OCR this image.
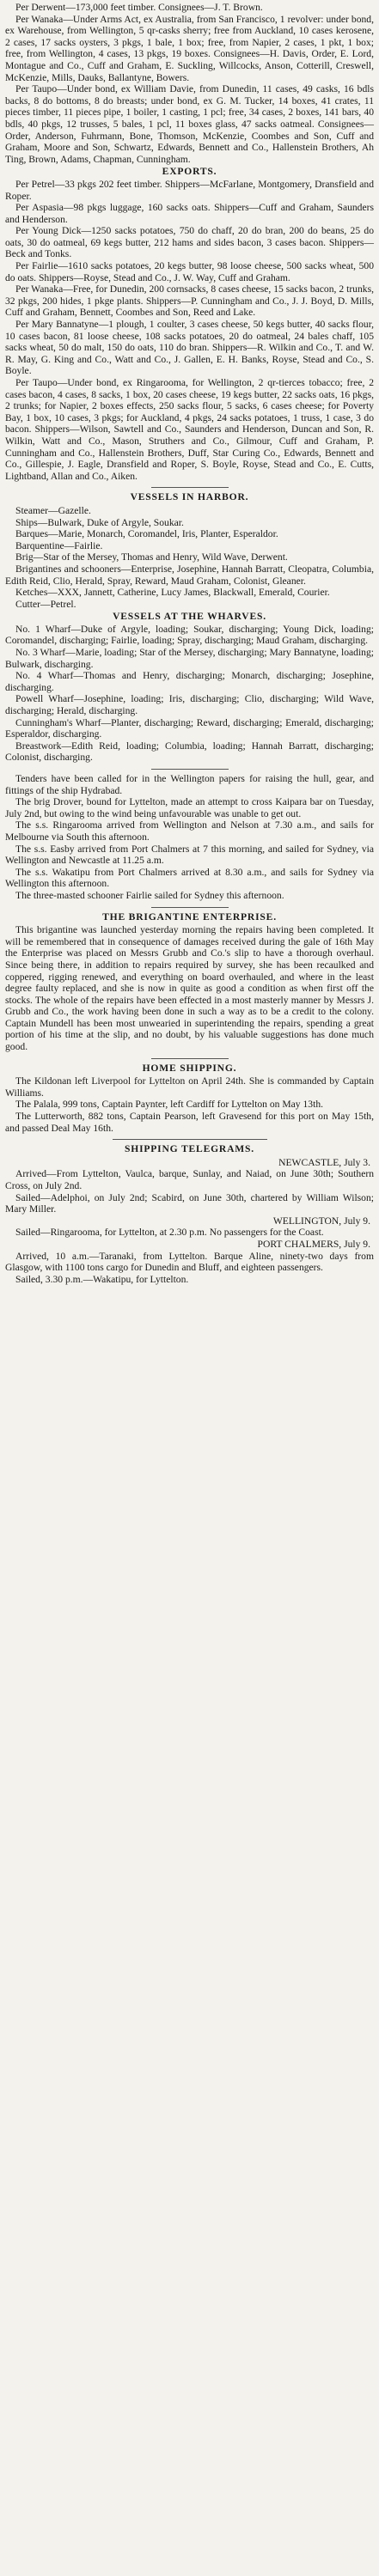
Per Derwent—173,000 feet timber. Consignees—J. T. Brown.

Per Wanaka—Under Arms Act, ex Australia, from San Francisco, 1 revolver: under bond, ex Warehouse, from Wellington, 5 qr-casks sherry; free from Auckland, 10 cases kerosene, 2 cases, 17 sacks oysters, 3 pkgs, 1 bale, 1 box; free, from Napier, 2 cases, 1 pkt, 1 box; free, from Wellington, 4 cases, 13 pkgs, 19 boxes. Consignees—H. Davis, Order, E. Lord, Montague and Co., Cuff and Graham, E. Suckling, Willcocks, Anson, Cotterill, Creswell, McKenzie, Mills, Dauks, Ballantyne, Bowers.

Per Taupo—Under bond, ex William Davie, from Dunedin, 11 cases, 49 casks, 16 bdls backs, 8 do bottoms, 8 do breasts; under bond, ex G. M. Tucker, 14 boxes, 41 crates, 11 pieces timber, 11 pieces pipe, 1 boiler, 1 casting, 1 pcl; free, 34 cases, 2 boxes, 141 bars, 40 bdls, 40 pkgs, 12 trusses, 5 bales, 1 pcl, 11 boxes glass, 47 sacks oatmeal. Consignees—Order, Anderson, Fuhrmann, Bone, Thomson, McKenzie, Coombes and Son, Cuff and Graham, Moore and Son, Schwartz, Edwards, Bennett and Co., Hallenstein Brothers, Ah Ting, Brown, Adams, Chapman, Cunningham.

EXPORTS.

Per Petrel—33 pkgs 202 feet timber. Shippers—McFarlane, Montgomery, Dransfield and Roper.

Per Aspasia—98 pkgs luggage, 160 sacks oats. Shippers—Cuff and Graham, Saunders and Henderson.

Per Young Dick—1250 sacks potatoes, 750 do chaff, 20 do bran, 200 do beans, 25 do oats, 30 do oatmeal, 69 kegs butter, 212 hams and sides bacon, 3 cases bacon. Shippers—Beck and Tonks.

Per Fairlie—1610 sacks potatoes, 20 kegs butter, 98 loose cheese, 500 sacks wheat, 500 do oats. Shippers—Royse, Stead and Co., J. W. Way, Cuff and Graham.

Per Wanaka—Free, for Dunedin, 200 cornsacks, 8 cases cheese, 15 sacks bacon, 2 trunks, 32 pkgs, 200 hides, 1 pkge plants. Shippers—P. Cunningham and Co., J. J. Boyd, D. Mills, Cuff and Graham, Bennett, Coombes and Son, Reed and Lake.

Per Mary Bannatyne—1 plough, 1 coulter, 3 cases cheese, 50 kegs butter, 40 sacks flour, 10 cases bacon, 81 loose cheese, 108 sacks potatoes, 20 do oatmeal, 24 bales chaff, 105 sacks wheat, 50 do malt, 150 do oats, 110 do bran. Shippers—R. Wilkin and Co., T. and W. R. May, G. King and Co., Watt and Co., J. Gallen, E. H. Banks, Royse, Stead and Co., S. Boyle.

Per Taupo—Under bond, ex Ringarooma, for Wellington, 2 qr-tierces tobacco; free, 2 cases bacon, 4 cases, 8 sacks, 1 box, 20 cases cheese, 19 kegs butter, 22 sacks oats, 16 pkgs, 2 trunks; for Napier, 2 boxes effects, 250 sacks flour, 5 sacks, 6 cases cheese; for Poverty Bay, 1 box, 10 cases, 3 pkgs; for Auckland, 4 pkgs, 24 sacks potatoes, 1 truss, 1 case, 3 do bacon. Shippers—Wilson, Sawtell and Co., Saunders and Henderson, Duncan and Son, R. Wilkin, Watt and Co., Mason, Struthers and Co., Gilmour, Cuff and Graham, P. Cunningham and Co., Hallenstein Brothers, Duff, Star Curing Co., Edwards, Bennett and Co., Gillespie, J. Eagle, Dransfield and Roper, S. Boyle, Royse, Stead and Co., E. Cutts, Lightband, Allan and Co., Aiken.

VESSELS IN HARBOR.

Steamer—Gazelle.

Ships—Bulwark, Duke of Argyle, Soukar.

Barques—Marie, Monarch, Coromandel, Iris, Planter, Esperaldor.

Barquentine—Fairlie.

Brig—Star of the Mersey, Thomas and Henry, Wild Wave, Derwent.

Brigantines and schooners—Enterprise, Josephine, Hannah Barratt, Cleopatra, Columbia, Edith Reid, Clio, Herald, Spray, Reward, Maud Graham, Colonist, Gleaner.

Ketches—XXX, Jannett, Catherine, Lucy James, Blackwall, Emerald, Courier.

Cutter—Petrel.

VESSELS AT THE WHARVES.

No. 1 Wharf—Duke of Argyle, loading; Soukar, discharging; Young Dick, loading; Coromandel, discharging; Fairlie, loading; Spray, discharging; Maud Graham, discharging.

No. 3 Wharf—Marie, loading; Star of the Mersey, discharging; Mary Bannatyne, loading; Bulwark, discharging.

No. 4 Wharf—Thomas and Henry, discharging; Monarch, discharging; Josephine, discharging.

Powell Wharf—Josephine, loading; Iris, discharging; Clio, discharging; Wild Wave, discharging; Herald, discharging.

Cunningham's Wharf—Planter, discharging; Reward, discharging; Emerald, discharging; Esperaldor, discharging.

Breastwork—Edith Reid, loading; Columbia, loading; Hannah Barratt, discharging; Colonist, discharging.

Tenders have been called for in the Wellington papers for raising the hull, gear, and fittings of the ship Hydrabad.

The brig Drover, bound for Lyttelton, made an attempt to cross Kaipara bar on Tuesday, July 2nd, but owing to the wind being unfavourable was unable to get out.

The s.s. Ringarooma arrived from Wellington and Nelson at 7.30 a.m., and sails for Melbourne via South this afternoon.

The s.s. Easby arrived from Port Chalmers at 7 this morning, and sailed for Sydney, via Wellington and Newcastle at 11.25 a.m.

The s.s. Wakatipu from Port Chalmers arrived at 8.30 a.m., and sails for Sydney via Wellington this afternoon.

The three-masted schooner Fairlie sailed for Sydney this afternoon.

THE BRIGANTINE ENTERPRISE.

This brigantine was launched yesterday morning the repairs having been completed. It will be remembered that in consequence of damages received during the gale of 16th May the Enterprise was placed on Messrs Grubb and Co.'s slip to have a thorough overhaul. Since being there, in addition to repairs required by survey, she has been recaulked and coppered, rigging renewed, and everything on board overhauled, and where in the least degree faulty replaced, and she is now in quite as good a condition as when first off the stocks. The whole of the repairs have been effected in a most masterly manner by Messrs J. Grubb and Co., the work having been done in such a way as to be a credit to the colony. Captain Mundell has been most unwearied in superintending the repairs, spending a great portion of his time at the slip, and no doubt, by his valuable suggestions has done much good.

HOME SHIPPING.

The Kildonan left Liverpool for Lyttelton on April 24th. She is commanded by Captain Williams.

The Palala, 999 tons, Captain Paynter, left Cardiff for Lyttelton on May 13th.

The Lutterworth, 882 tons, Captain Pearson, left Gravesend for this port on May 15th, and passed Deal May 16th.

SHIPPING TELEGRAMS.

NEWCASTLE, July 3.

Arrived—From Lyttelton, Vaulca, barque, Sunlay, and Naiad, on June 30th; Southern Cross, on July 2nd.

Sailed—Adelphoi, on July 2nd; Scabird, on June 30th, chartered by William Wilson; Mary Miller.

WELLINGTON, July 9.

Sailed—Ringarooma, for Lyttelton, at 2.30 p.m. No passengers for the Coast.

PORT CHALMERS, July 9.

Arrived, 10 a.m.—Taranaki, from Lyttelton. Barque Aline, ninety-two days from Glasgow, with 1100 tons cargo for Dunedin and Bluff, and eighteen passengers.

Sailed, 3.30 p.m.—Wakatipu, for Lyttelton.
